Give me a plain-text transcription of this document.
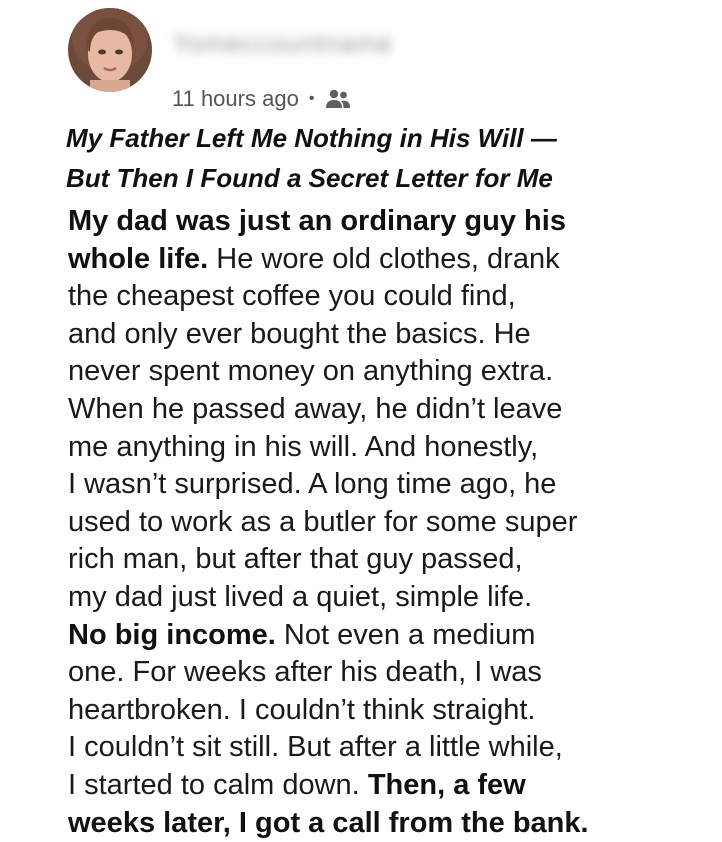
Yomeccountname
11 hours ago •
My Father Left Me Nothing in His Will —
But Then I Found a Secret Letter for Me
My dad was just an ordinary guy his
whole life. He wore old clothes, drank
the cheapest coffee you could find,
and only ever bought the basics. He
never spent money on anything extra.
When he passed away, he didn’t leave
me anything in his will. And honestly,
I wasn’t surprised. A long time ago, he
used to work as a butler for some super
rich man, but after that guy passed,
my dad just lived a quiet, simple life.
No big income. Not even a medium
one. For weeks after his death, I was
heartbroken. I couldn’t think straight.
I couldn’t sit still. But after a little while,
I started to calm down. Then, a few
weeks later, I got a call from the bank.
